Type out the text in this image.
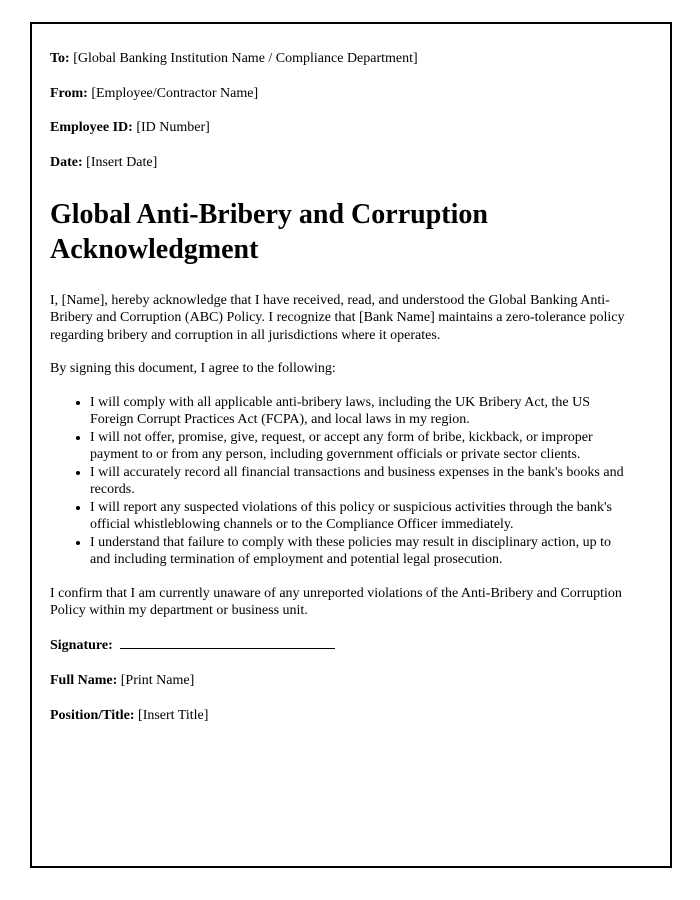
To: [Global Banking Institution Name / Compliance Department]

From: [Employee/Contractor Name]

Employee ID: [ID Number]

Date: [Insert Date]

Global Anti-Bribery and Corruption Acknowledgment

I, [Name], hereby acknowledge that I have received, read, and understood the Global Banking Anti-Bribery and Corruption (ABC) Policy. I recognize that [Bank Name] maintains a zero-tolerance policy regarding bribery and corruption in all jurisdictions where it operates.

By signing this document, I agree to the following:

• I will comply with all applicable anti-bribery laws, including the UK Bribery Act, the US Foreign Corrupt Practices Act (FCPA), and local laws in my region.
• I will not offer, promise, give, request, or accept any form of bribe, kickback, or improper payment to or from any person, including government officials or private sector clients.
• I will accurately record all financial transactions and business expenses in the bank's books and records.
• I will report any suspected violations of this policy or suspicious activities through the bank's official whistleblowing channels or to the Compliance Officer immediately.
• I understand that failure to comply with these policies may result in disciplinary action, up to and including termination of employment and potential legal prosecution.

I confirm that I am currently unaware of any unreported violations of the Anti-Bribery and Corruption Policy within my department or business unit.

Signature:

Full Name: [Print Name]

Position/Title: [Insert Title]
